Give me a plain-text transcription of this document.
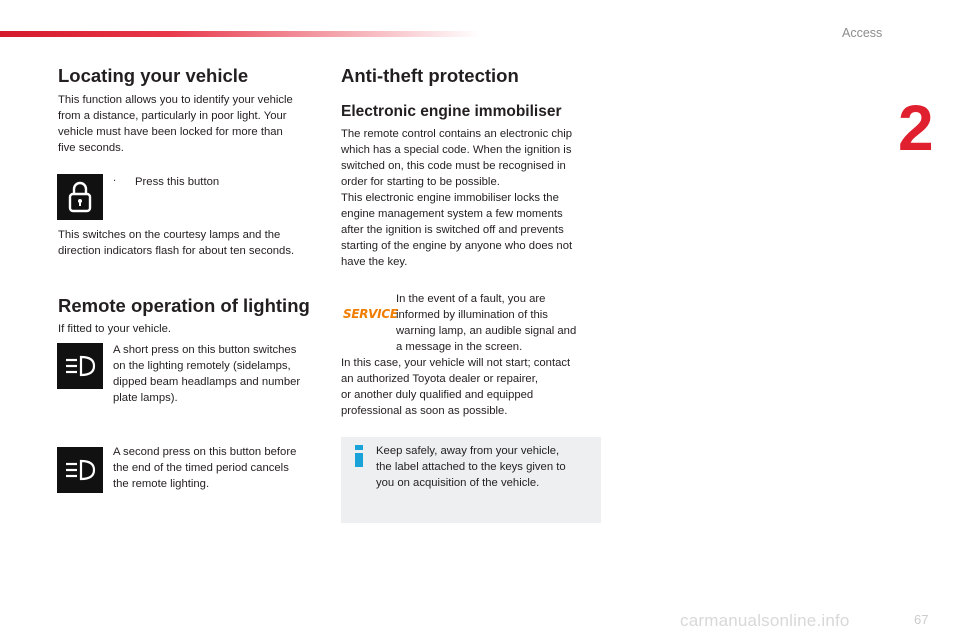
Access
2
Locating your vehicle

This function allows you to identify your vehicle
from a distance, particularly in poor light. Your
vehicle must have been locked for more than
five seconds.

‧ Press this button

This switches on the courtesy lamps and the
direction indicators flash for about ten seconds.

Remote operation of lighting

If fitted to your vehicle.

A short press on this button switches
on the lighting remotely (sidelamps,
dipped beam headlamps and number
plate lamps).

A second press on this button before
the end of the timed period cancels
the remote lighting.

Anti-theft protection
Electronic engine immobiliser

The remote control contains an electronic chip
which has a special code. When the ignition is
switched on, this code must be recognised in
order for starting to be possible.
This electronic engine immobiliser locks the
engine management system a few moments
after the ignition is switched off and prevents
starting of the engine by anyone who does not
have the key.

SERVICE

In the event of a fault, you are
informed by illumination of this
warning lamp, an audible signal and
a message in the screen.

In this case, your vehicle will not start; contact
an authorized Toyota dealer or repairer,
or another duly qualified and equipped
professional as soon as possible.

Keep safely, away from your vehicle,
the label attached to the keys given to
you on acquisition of the vehicle.

carmanualsonline.info	67
